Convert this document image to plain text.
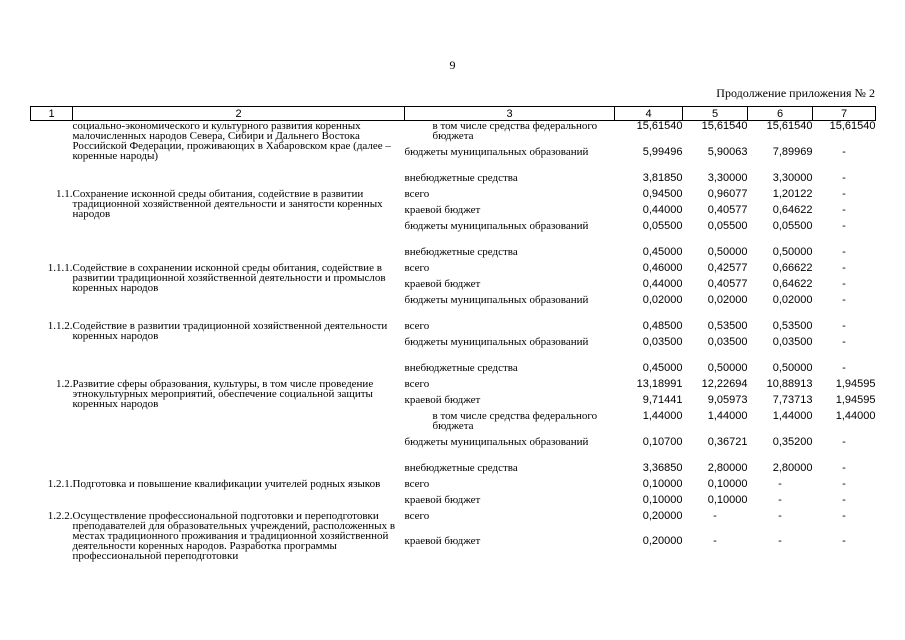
9
Продолжение приложения № 2
1	2	3	4	5	6	7
	социально-экономического и культурного развития коренных малочисленных народов Севера, Сибири и Дальнего Востока Российской Федерации, проживающих в Хабаровском крае (далее – коренные народы)	в том числе средства федерального бюджета	15,61540	15,61540	15,61540	15,61540
		бюджеты муниципальных образований	5,99496	5,90063	7,89969	-
		внебюджетные средства	3,81850	3,30000	3,30000	-
1.1.	Сохранение исконной среды обитания, содействие в развитии традиционной хозяйственной деятельности и занятости коренных народов	всего	0,94500	0,96077	1,20122	-
		краевой бюджет	0,44000	0,40577	0,64622	-
		бюджеты муниципальных образований	0,05500	0,05500	0,05500	-
		внебюджетные средства	0,45000	0,50000	0,50000	-
1.1.1.	Содействие в сохранении исконной среды обитания, содействие в развитии традиционной хозяйственной деятельности и промыслов коренных народов	всего	0,46000	0,42577	0,66622	-
		краевой бюджет	0,44000	0,40577	0,64622	-
		бюджеты муниципальных образований	0,02000	0,02000	0,02000	-
1.1.2.	Содействие в развитии традиционной хозяйственной деятельности коренных народов	всего	0,48500	0,53500	0,53500	-
		бюджеты муниципальных образований	0,03500	0,03500	0,03500	-
		внебюджетные средства	0,45000	0,50000	0,50000	-
1.2.	Развитие сферы образования, культуры, в том числе проведение этнокультурных мероприятий, обеспечение социальной защиты коренных народов	всего	13,18991	12,22694	10,88913	1,94595
		краевой бюджет	9,71441	9,05973	7,73713	1,94595
		в том числе средства федерального бюджета	1,44000	1,44000	1,44000	1,44000
		бюджеты муниципальных образований	0,10700	0,36721	0,35200	-
		внебюджетные средства	3,36850	2,80000	2,80000	-
1.2.1.	Подготовка и повышение квалификации учителей родных языков	всего	0,10000	0,10000	-	-
		краевой бюджет	0,10000	0,10000	-	-
1.2.2.	Осуществление профессиональной подготовки и переподготовки преподавателей для образовательных учреждений, расположенных в местах традиционного проживания и традиционной хозяйственной деятельности коренных народов. Разработка программы профессиональной переподготовки	всего	0,20000	-	-	-
		краевой бюджет	0,20000	-	-	-
